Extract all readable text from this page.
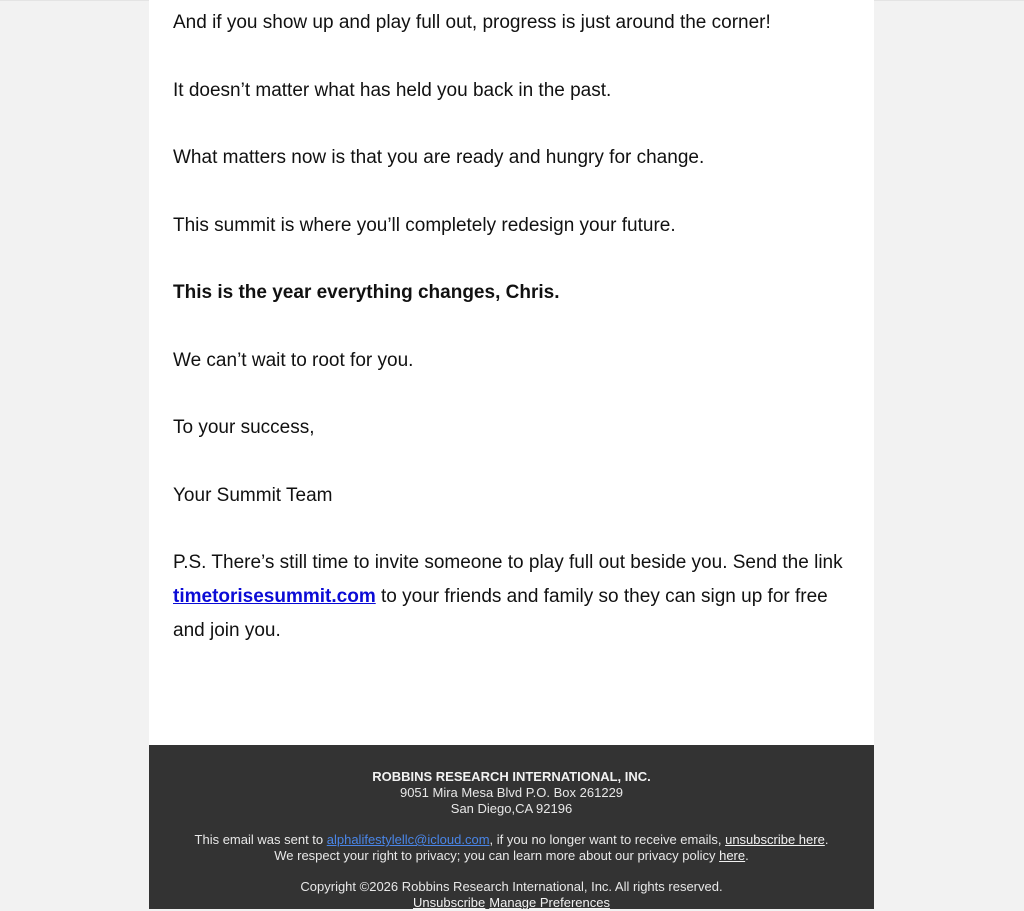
And if you show up and play full out, progress is just around the corner!

It doesn’t matter what has held you back in the past.

What matters now is that you are ready and hungry for change.

This summit is where you’ll completely redesign your future.

This is the year everything changes, Chris.

We can’t wait to root for you.

To your success,

Your Summit Team

P.S. There’s still time to invite someone to play full out beside you. Send the link timetorisesummit.com to your friends and family so they can sign up for free and join you.

ROBBINS RESEARCH INTERNATIONAL, INC.
9051 Mira Mesa Blvd P.O. Box 261229
San Diego,CA 92196
This email was sent to alphalifestylellc@icloud.com, if you no longer want to receive emails, unsubscribe here.
We respect your right to privacy; you can learn more about our privacy policy here.
Copyright ©2026 Robbins Research International, Inc. All rights reserved.
Unsubscribe Manage Preferences
